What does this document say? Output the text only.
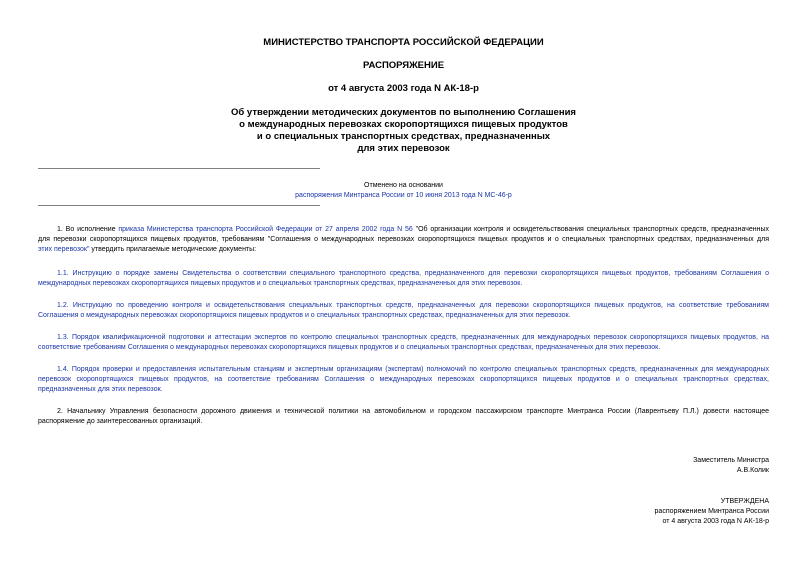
МИНИСТЕРСТВО ТРАНСПОРТА РОССИЙСКОЙ ФЕДЕРАЦИИ
РАСПОРЯЖЕНИЕ
от 4 августа 2003 года N АК-18-р
Об утверждении методических документов по выполнению Соглашения
о международных перевозках скоропортящихся пищевых продуктов
и о специальных транспортных средствах, предназначенных
для этих перевозок
Отменено на основании
распоряжения Минтранса России от 10 июня 2013 года N МС-46-р
1. Во исполнение приказа Министерства транспорта Российской Федерации от 27 апреля 2002 года N 56 "Об организации контроля и освидетельствования специальных транспортных средств, предназначенных
для перевозки скоропортящихся пищевых продуктов, требованиям "Соглашения о международных перевозках скоропортящихся пищевых продуктов и о специальных транспортных средствах, предназначенных для
этих перевозок" утвердить прилагаемые методические документы:
1.1. Инструкцию о порядке замены Свидетельства о соответствии специального транспортного средства, предназначенного для перевозки скоропортящихся пищевых продуктов, требованиям Соглашения о
международных перевозках скоропортящихся пищевых продуктов и о специальных транспортных средствах, предназначенных для этих перевозок.
1.2. Инструкцию по проведению контроля и освидетельствования специальных транспортных средств, предназначенных для перевозки скоропортящихся пищевых продуктов, на соответствие требованиям
Соглашения о международных перевозках скоропортящихся пищевых продуктов и о специальных транспортных средствах, предназначенных для этих перевозок.
1.3. Порядок квалификационной подготовки и аттестации экспертов по контролю специальных транспортных средств, предназначенных для международных перевозок скоропортящихся пищевых продуктов, на
соответствие требованиям Соглашения о международных перевозках скоропортящихся пищевых продуктов и о специальных транспортных средствах, предназначенных для этих перевозок.
1.4. Порядок проверки и предоставления испытательным станциям и экспертным организациям (экспертам) полномочий по контролю специальных транспортных средств, предназначенных для международных
перевозок скоропортящихся пищевых продуктов, на соответствие требованиям Соглашения о международных перевозках скоропортящихся пищевых продуктов и о специальных транспортных средствах,
предназначенных для этих перевозок.
2. Начальнику Управления безопасности дорожного движения и технической политики на автомобильном и городском пассажирском транспорте Минтранса России (Лаврентьеву П.Л.) довести настоящее
распоряжение до заинтересованных организаций.
Заместитель Министра
А.В.Колик
УТВЕРЖДЕНА
распоряжением Минтранса России
от 4 августа 2003 года N АК-18-р
